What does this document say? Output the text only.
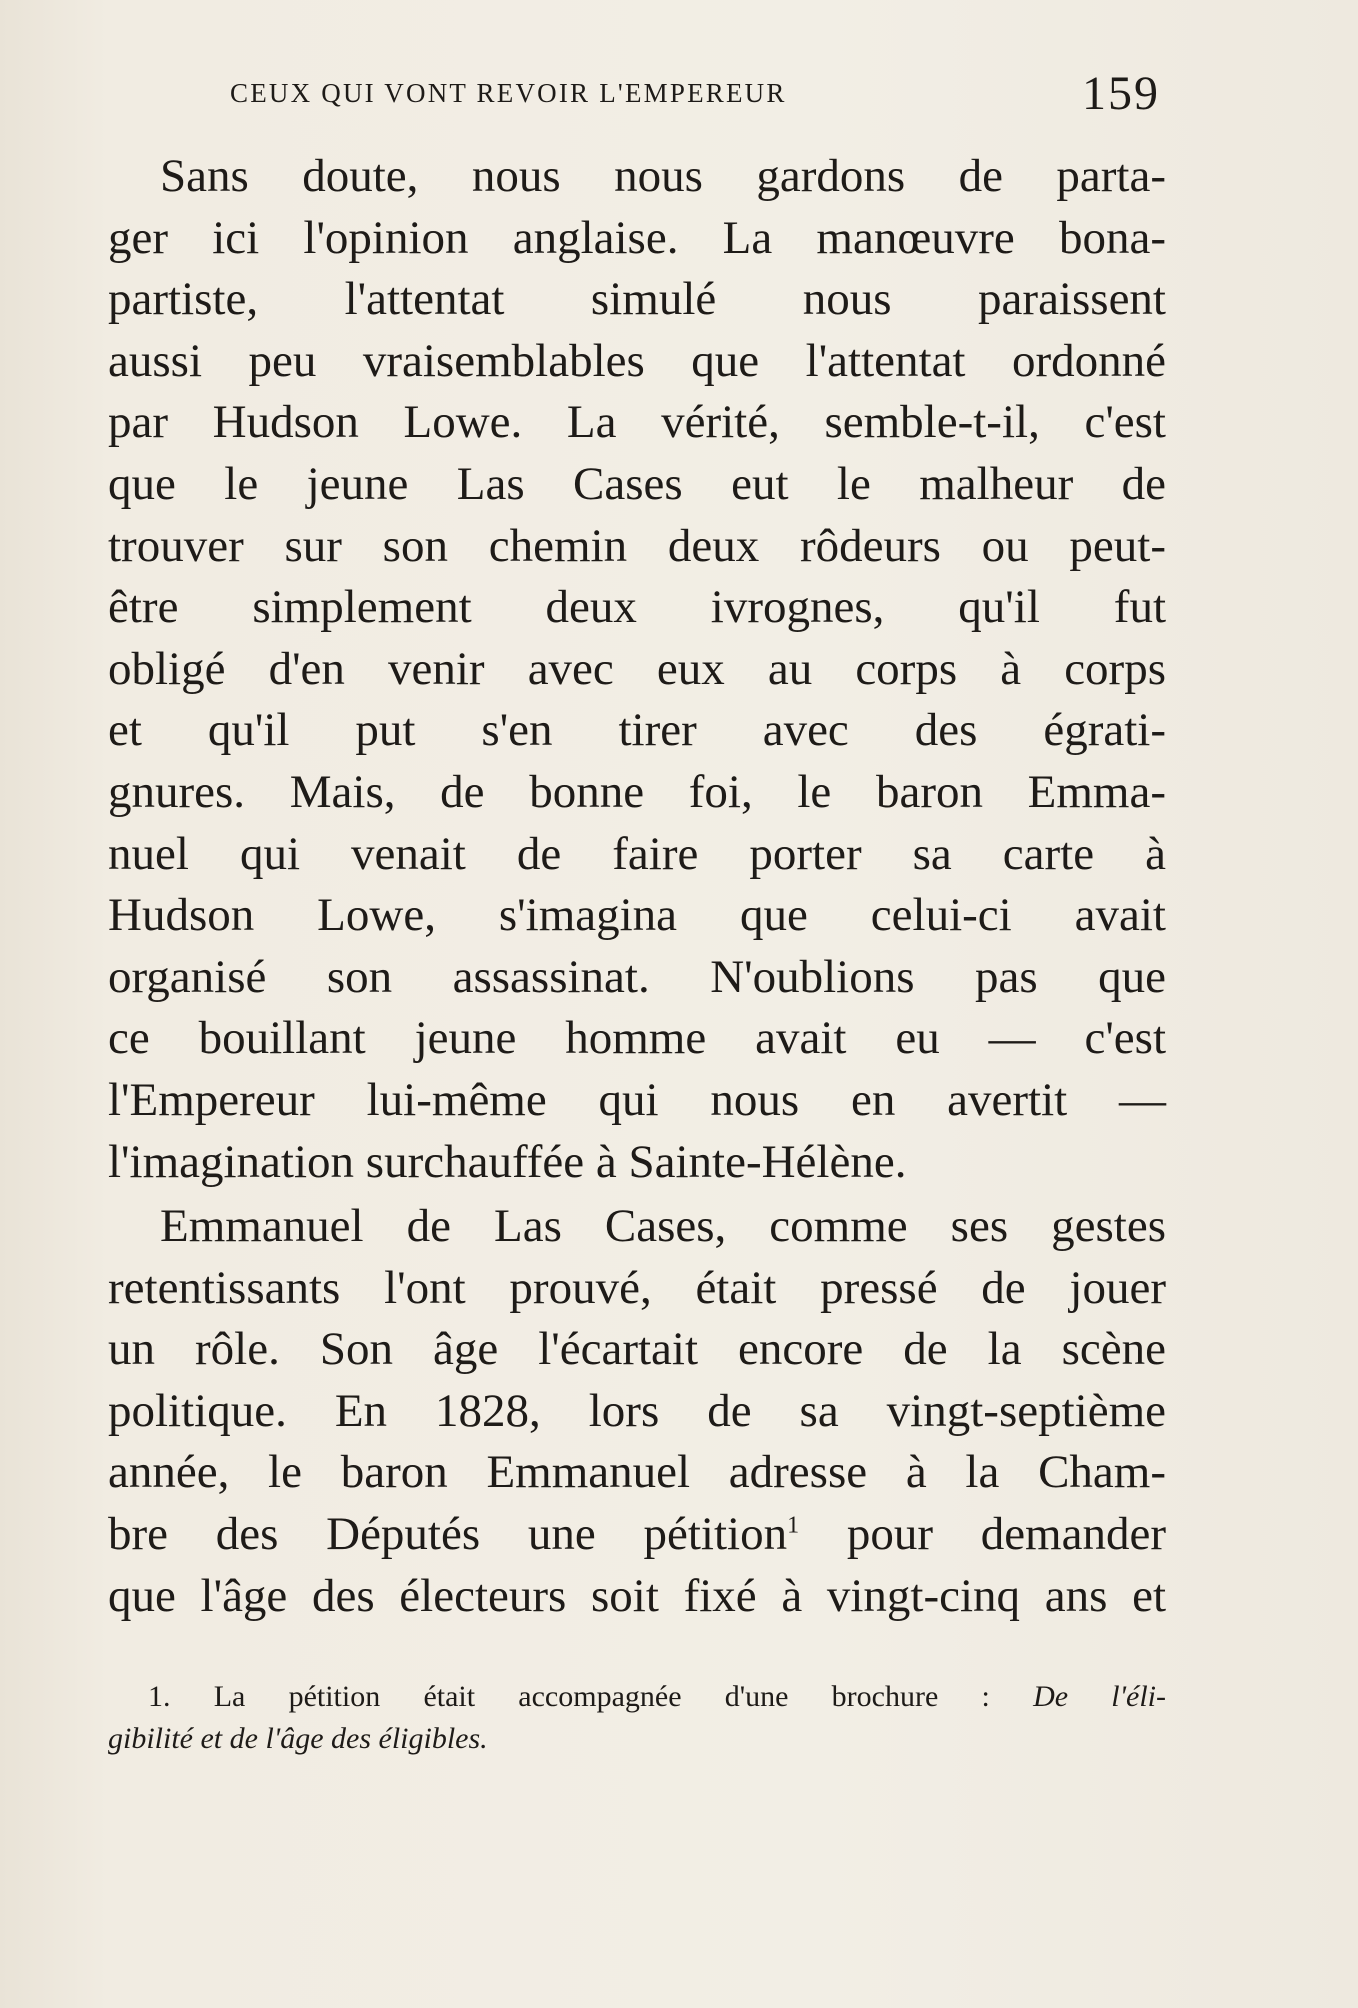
CEUX QUI VONT REVOIR L'EMPEREUR	159
Sans doute, nous nous gardons de parta-
ger ici l'opinion anglaise. La manœuvre bona-
partiste, l'attentat simulé nous paraissent
aussi peu vraisemblables que l'attentat ordonné
par Hudson Lowe. La vérité, semble-t-il, c'est
que le jeune Las Cases eut le malheur de
trouver sur son chemin deux rôdeurs ou peut-
être simplement deux ivrognes, qu'il fut
obligé d'en venir avec eux au corps à corps
et qu'il put s'en tirer avec des égrati-
gnures. Mais, de bonne foi, le baron Emma-
nuel qui venait de faire porter sa carte à
Hudson Lowe, s'imagina que celui-ci avait
organisé son assassinat. N'oublions pas que
ce bouillant jeune homme avait eu — c'est
l'Empereur lui-même qui nous en avertit —
l'imagination surchauffée à Sainte-Hélène.
Emmanuel de Las Cases, comme ses gestes
retentissants l'ont prouvé, était pressé de jouer
un rôle. Son âge l'écartait encore de la scène
politique. En 1828, lors de sa vingt-septième
année, le baron Emmanuel adresse à la Cham-
bre des Députés une pétition$^1$ pour demander
que l'âge des électeurs soit fixé à vingt-cinq ans et
1. La pétition était accompagnée d'une brochure : De l'éli-
gibilité et de l'âge des éligibles.
